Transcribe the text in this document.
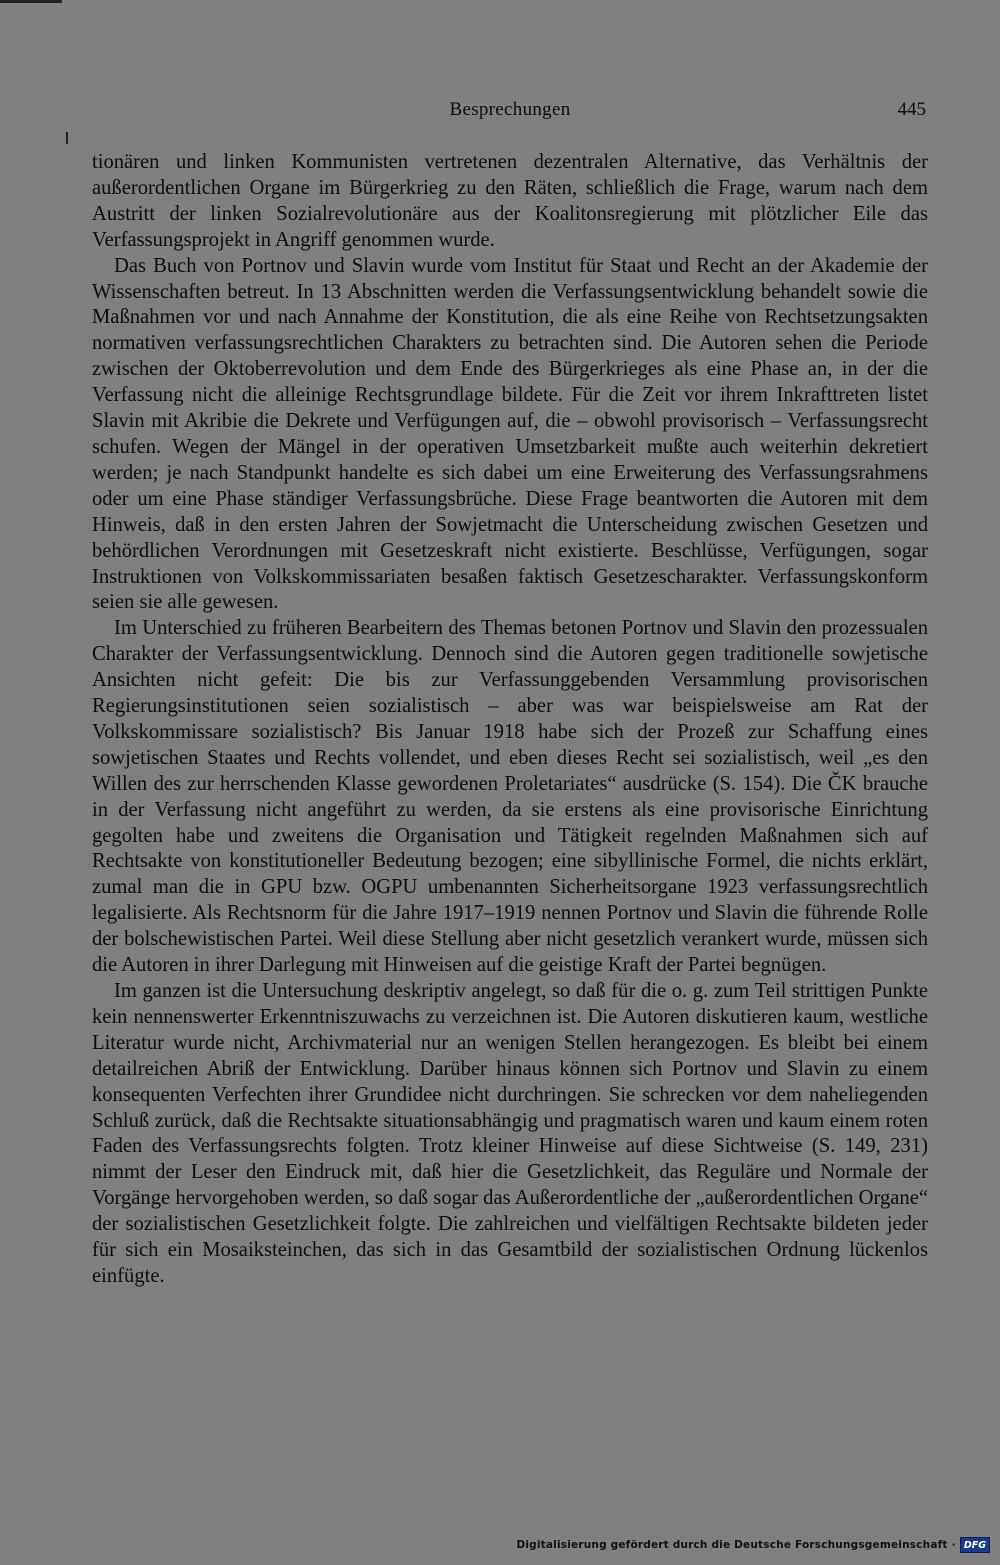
Besprechungen	445

tionären und linken Kommunisten vertretenen dezentralen Alternative, das Verhältnis der außerordentlichen Organe im Bürgerkrieg zu den Räten, schließlich die Frage, warum nach dem Austritt der linken Sozialrevolutionäre aus der Koalitonsregierung mit plötzlicher Eile das Verfassungsprojekt in Angriff genommen wurde.

Das Buch von Portnov und Slavin wurde vom Institut für Staat und Recht an der Akademie der Wissenschaften betreut. In 13 Abschnitten werden die Verfassungsentwicklung behandelt sowie die Maßnahmen vor und nach Annahme der Konstitution, die als eine Reihe von Rechtsetzungsakten normativen verfassungsrechtlichen Charakters zu betrachten sind. Die Autoren sehen die Periode zwischen der Oktoberrevolution und dem Ende des Bürgerkrieges als eine Phase an, in der die Verfassung nicht die alleinige Rechtsgrundlage bildete. Für die Zeit vor ihrem Inkrafttreten listet Slavin mit Akribie die Dekrete und Verfügungen auf, die – obwohl provisorisch – Verfassungsrecht schufen. Wegen der Mängel in der operativen Umsetzbarkeit mußte auch weiterhin dekretiert werden; je nach Standpunkt handelte es sich dabei um eine Erweiterung des Verfassungsrahmens oder um eine Phase ständiger Verfassungsbrüche. Diese Frage beantworten die Autoren mit dem Hinweis, daß in den ersten Jahren der Sowjetmacht die Unterscheidung zwischen Gesetzen und behördlichen Verordnungen mit Gesetzeskraft nicht existierte. Beschlüsse, Verfügungen, sogar Instruktionen von Volkskommissariaten besaßen faktisch Gesetzescharakter. Verfassungskonform seien sie alle gewesen.

Im Unterschied zu früheren Bearbeitern des Themas betonen Portnov und Slavin den prozessualen Charakter der Verfassungsentwicklung. Dennoch sind die Autoren gegen traditionelle sowjetische Ansichten nicht gefeit: Die bis zur Verfassunggebenden Versammlung provisorischen Regierungsinstitutionen seien sozialistisch – aber was war beispielsweise am Rat der Volkskommissare sozialistisch? Bis Januar 1918 habe sich der Prozeß zur Schaffung eines sowjetischen Staates und Rechts vollendet, und eben dieses Recht sei sozialistisch, weil „es den Willen des zur herrschenden Klasse gewordenen Proletariates“ ausdrücke (S. 154). Die ČK brauche in der Verfassung nicht angeführt zu werden, da sie erstens als eine provisorische Einrichtung gegolten habe und zweitens die Organisation und Tätigkeit regelnden Maßnahmen sich auf Rechtsakte von konstitutioneller Bedeutung bezogen; eine sibyllinische Formel, die nichts erklärt, zumal man die in GPU bzw. OGPU umbenannten Sicherheitsorgane 1923 verfassungsrechtlich legalisierte. Als Rechtsnorm für die Jahre 1917–1919 nennen Portnov und Slavin die führende Rolle der bolschewistischen Partei. Weil diese Stellung aber nicht gesetzlich verankert wurde, müssen sich die Autoren in ihrer Darlegung mit Hinweisen auf die geistige Kraft der Partei begnügen.

Im ganzen ist die Untersuchung deskriptiv angelegt, so daß für die o. g. zum Teil strittigen Punkte kein nennenswerter Erkenntniszuwachs zu verzeichnen ist. Die Autoren diskutieren kaum, westliche Literatur wurde nicht, Archivmaterial nur an wenigen Stellen herangezogen. Es bleibt bei einem detailreichen Abriß der Entwicklung. Darüber hinaus können sich Portnov und Slavin zu einem konsequenten Verfechten ihrer Grundidee nicht durchringen. Sie schrecken vor dem naheliegenden Schluß zurück, daß die Rechtsakte situationsabhängig und pragmatisch waren und kaum einem roten Faden des Verfassungsrechts folgten. Trotz kleiner Hinweise auf diese Sichtweise (S. 149, 231) nimmt der Leser den Eindruck mit, daß hier die Gesetzlichkeit, das Reguläre und Normale der Vorgänge hervorgehoben werden, so daß sogar das Außerordentliche der „außerordentlichen Organe“ der sozialistischen Gesetzlichkeit folgte. Die zahlreichen und vielfältigen Rechtsakte bildeten jeder für sich ein Mosaiksteinchen, das sich in das Gesamtbild der sozialistischen Ordnung lückenlos einfügte.

Digitalisierung gefördert durch die Deutsche Forschungsgemeinschaft · DFG
